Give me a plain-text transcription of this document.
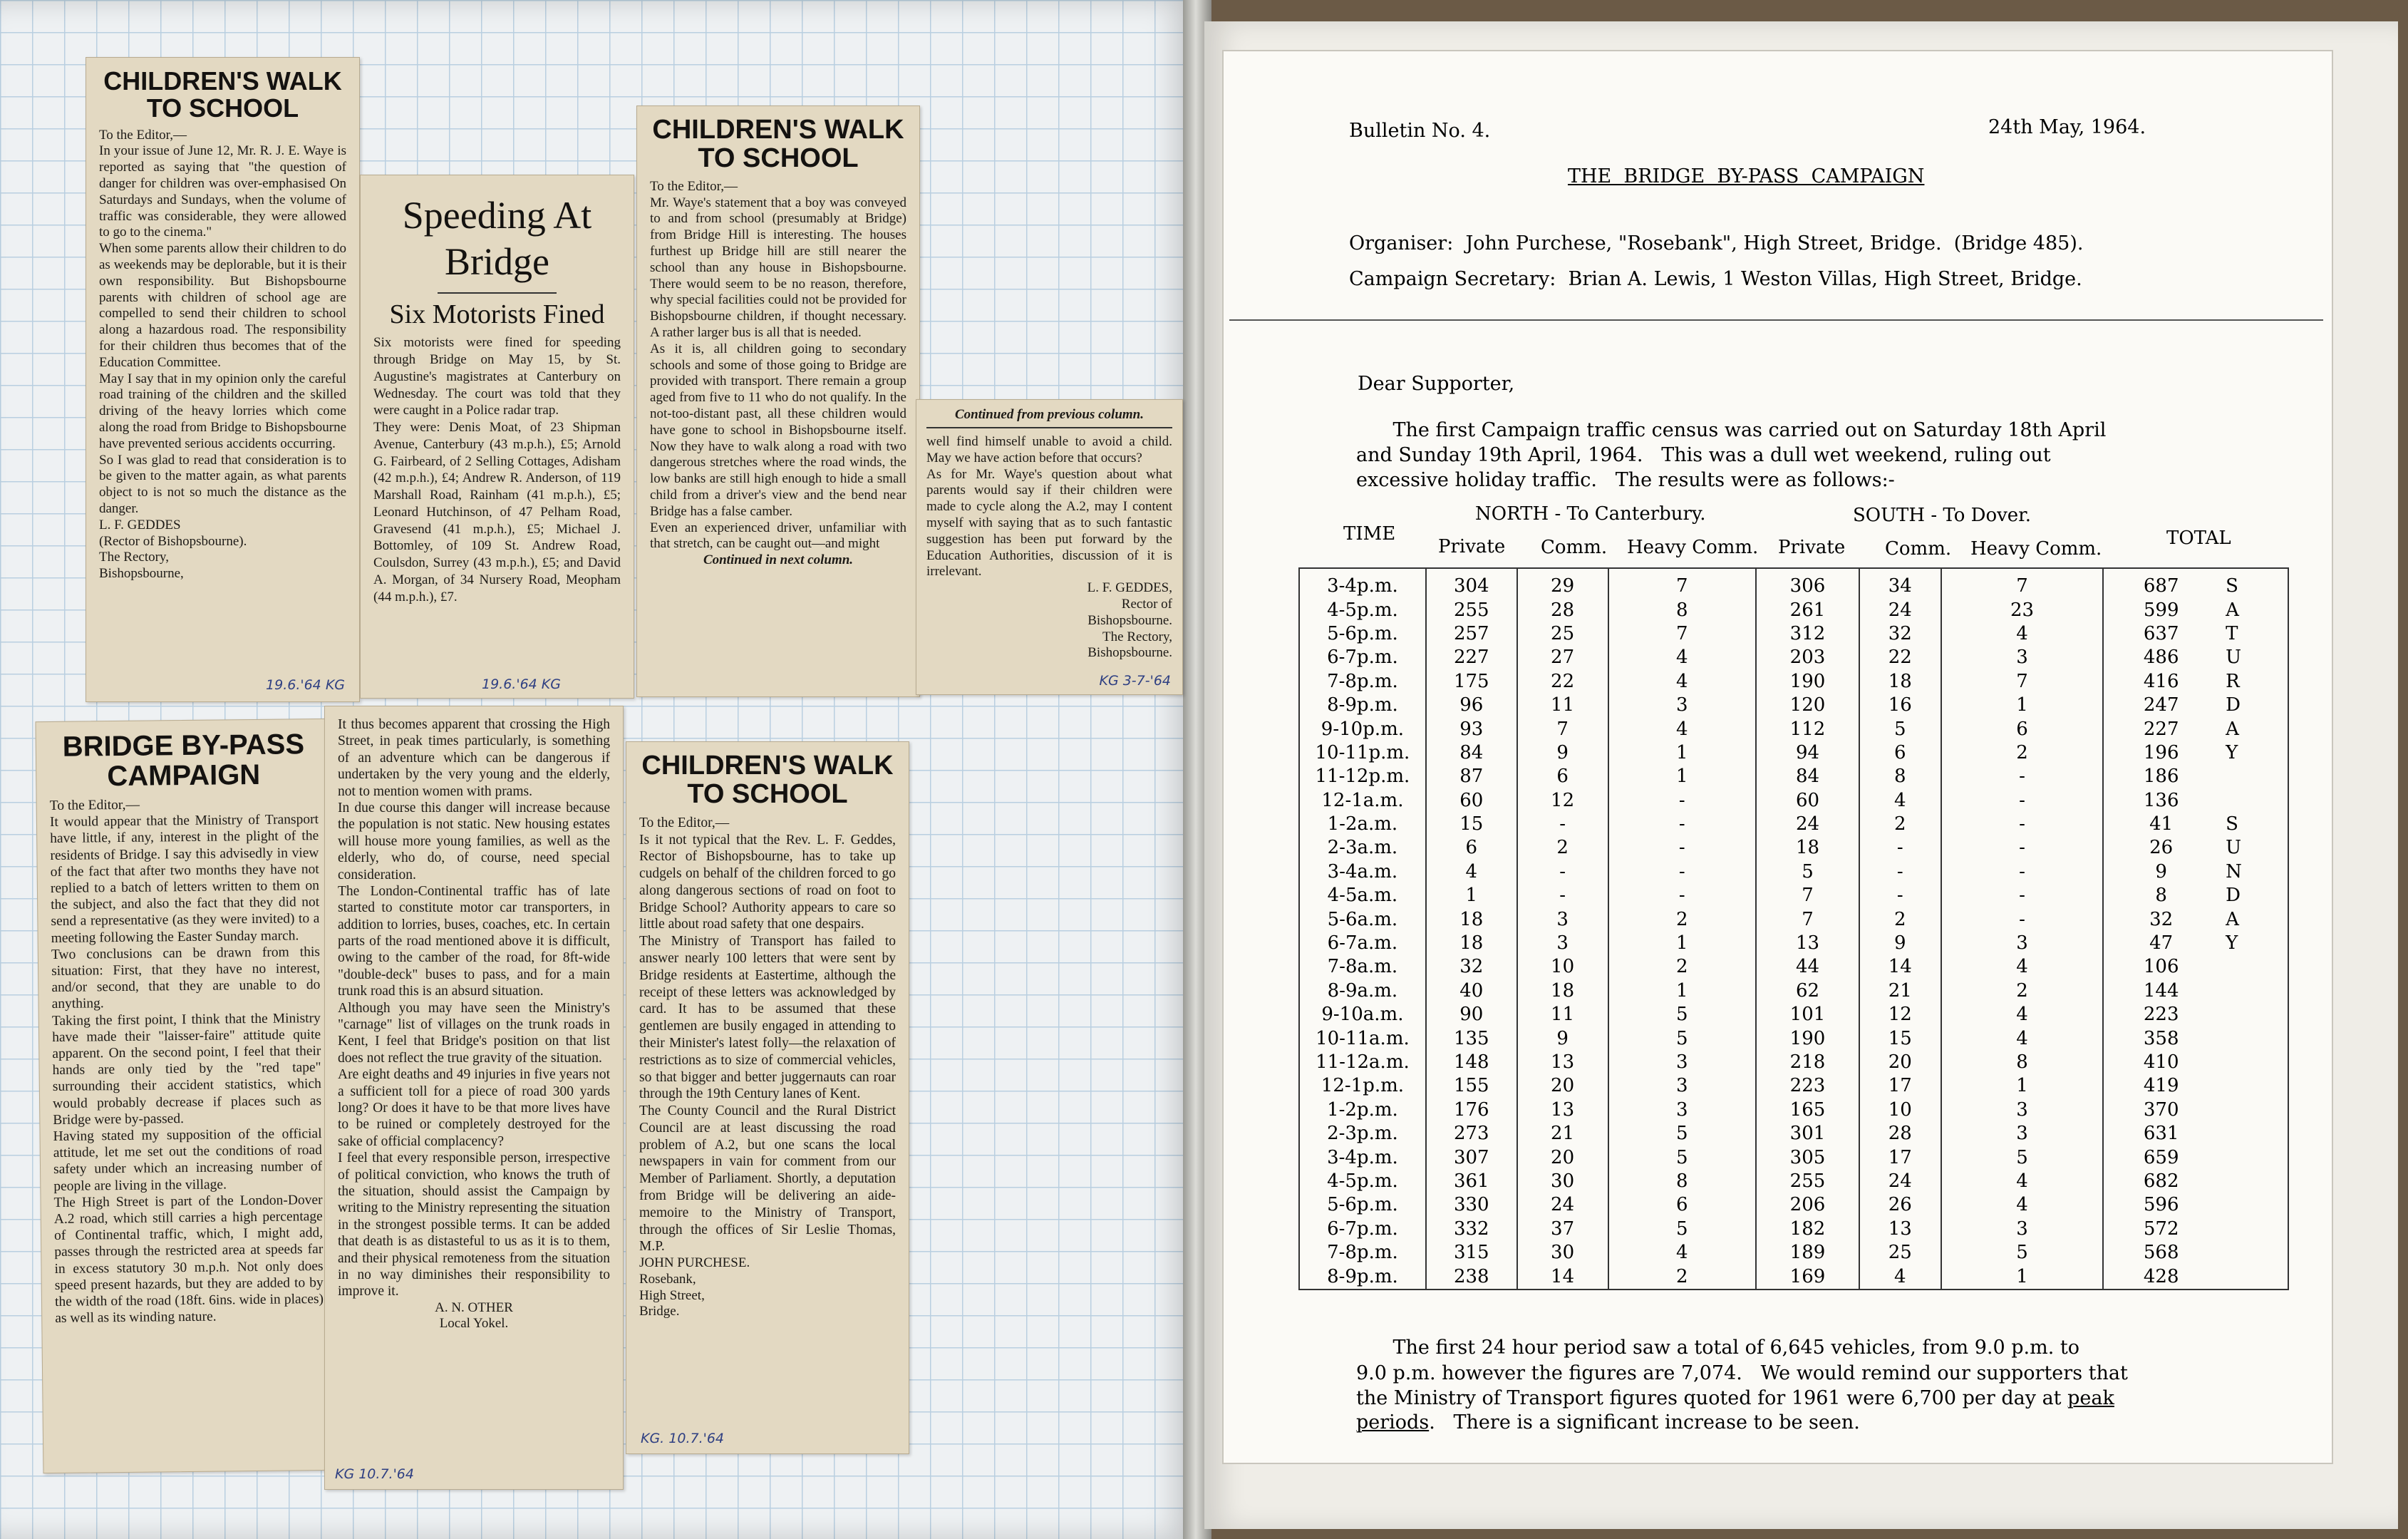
CHILDREN'S WALK TO SCHOOL
To the Editor,—
In your issue of June 12, Mr. R. J. E. Waye is reported as saying that "the question of danger for children was over-emphasised On Saturdays and Sundays, when the volume of traffic was considerable, they were allowed to go to the cinema."
When some parents allow their children to do as weekends may be deplorable, but it is their own responsibility. But Bishopsbourne parents with children of school age are compelled to send their children to school along a hazardous road. The responsibility for their children thus becomes that of the Education Committee.
May I say that in my opinion only the careful road training of the children and the skilled driving of the heavy lorries which come along the road from Bridge to Bishopsbourne have prevented serious accidents occurring.
So I was glad to read that consideration is to be given to the matter again, as what parents object to is not so much the distance as the danger.
L. F. GEDDES
(Rector of Bishopsbourne).
The Rectory,
Bishopsbourne,
19.6.'64 KG
Speeding At Bridge
Six Motorists Fined
Six motorists were fined for speeding through Bridge on May 15, by St. Augustine's magistrates at Canterbury on Wednesday. The court was told that they were caught in a Police radar trap.
They were: Denis Moat, of 23 Shipman Avenue, Canterbury (43 m.p.h.), £5; Arnold G. Fairbeard, of 2 Selling Cottages, Adisham (42 m.p.h.), £4; Andrew R. Anderson, of 119 Marshall Road, Rainham (41 m.p.h.), £5; Leonard Hutchinson, of 47 Pelham Road, Gravesend (41 m.p.h.), £5; Michael J. Bottomley, of 109 St. Andrew Road, Coulsdon, Surrey (43 m.p.h.), £5; and David A. Morgan, of 34 Nursery Road, Meopham (44 m.p.h.), £7.
19.6.'64 KG
CHILDREN'S WALK TO SCHOOL
To the Editor,—
Mr. Waye's statement that a boy was conveyed to and from school (presumably at Bridge) from Bridge Hill is interesting. The houses furthest up Bridge hill are still nearer the school than any house in Bishopsbourne. There would seem to be no reason, therefore, why special facilities could not be provided for Bishopsbourne children, if thought necessary. A rather larger bus is all that is needed.
As it is, all children going to secondary schools and some of those going to Bridge are provided with transport. There remain a group aged from five to 11 who do not qualify. In the not-too-distant past, all these children would have gone to school in Bishopsbourne itself. Now they have to walk along a road with two dangerous stretches where the road winds, the low banks are still high enough to hide a small child from a driver's view and the bend near Bridge has a false camber.
Even an experienced driver, unfamiliar with that stretch, can be caught out—and might
Continued in next column.
Continued from previous column.
well find himself unable to avoid a child. May we have action before that occurs?
As for Mr. Waye's question about what parents would say if their children were made to cycle along the A.2, may I content myself with saying that as to such fantastic suggestion has been put forward by the Education Authorities, discussion of it is irrelevant.
L. F. GEDDES,
Rector of
Bishopsbourne.
The Rectory,
Bishopsbourne.
KG 3-7-'64
BRIDGE BY-PASS CAMPAIGN
To the Editor,—
It would appear that the Ministry of Transport have little, if any, interest in the plight of the residents of Bridge. I say this advisedly in view of the fact that after two months they have not replied to a batch of letters written to them on the subject, and also the fact that they did not send a representative (as they were invited) to a meeting following the Easter Sunday march.
Two conclusions can be drawn from this situation: First, that they have no interest, and/or second, that they are unable to do anything.
Taking the first point, I think that the Ministry have made their "laisser-faire" attitude quite apparent. On the second point, I feel that their hands are only tied by the "red tape" surrounding their accident statistics, which would probably decrease if places such as Bridge were by-passed.
Having stated my supposition of the official attitude, let me set out the conditions of road safety under which an increasing number of people are living in the village.
The High Street is part of the London-Dover A.2 road, which still carries a high percentage of Continental traffic, which, I might add, passes through the restricted area at speeds far in excess statutory 30 m.p.h. Not only does speed present hazards, but they are added to by the width of the road (18ft. 6ins. wide in places) as well as its winding nature.
It thus becomes apparent that crossing the High Street, in peak times particularly, is something of an adventure which can be dangerous if undertaken by the very young and the elderly, not to mention women with prams.
In due course this danger will increase because the population is not static. New housing estates will house more young families, as well as the elderly, who do, of course, need special consideration.
The London-Continental traffic has of late started to constitute motor car transporters, in addition to lorries, buses, coaches, etc. In certain parts of the road mentioned above it is difficult, owing to the camber of the road, for 8ft-wide "double-deck" buses to pass, and for a main trunk road this is an absurd situation.
Although you may have seen the Ministry's "carnage" list of villages on the trunk roads in Kent, I feel that Bridge's position on that list does not reflect the true gravity of the situation.
Are eight deaths and 49 injuries in five years not a sufficient toll for a piece of road 300 yards long? Or does it have to be that more lives have to be ruined or completely destroyed for the sake of official complacency?
I feel that every responsible person, irrespective of political conviction, who knows the truth of the situation, should assist the Campaign by writing to the Ministry representing the situation in the strongest possible terms. It can be added that death is as distasteful to us as it is to them, and their physical remoteness from the situation in no way diminishes their responsibility to improve it.
A. N. OTHER
Local Yokel.
KG 10.7.'64
CHILDREN'S WALK TO SCHOOL
To the Editor,—
Is it not typical that the Rev. L. F. Geddes, Rector of Bishopsbourne, has to take up cudgels on behalf of the children forced to go along dangerous sections of road on foot to Bridge School? Authority appears to care so little about road safety that one despairs.
The Ministry of Transport has failed to answer nearly 100 letters that were sent by Bridge residents at Eastertime, although the receipt of these letters was acknowledged by card. It has to be assumed that these gentlemen are busily engaged in attending to their Minister's latest folly—the relaxation of restrictions as to size of commercial vehicles, so that bigger and better juggernauts can roar through the 19th Century lanes of Kent.
The County Council and the Rural District Council are at least discussing the road problem of A.2, but one scans the local newspapers in vain for comment from our Member of Parliament. Shortly, a deputation from Bridge will be delivering an aide-memoire to the Ministry of Transport, through the offices of Sir Leslie Thomas, M.P.
JOHN PURCHESE.
Rosebank,
High Street,
Bridge.
KG. 10.7.'64
Bulletin No. 4.	24th May, 1964.
THE  BRIDGE  BY-PASS  CAMPAIGN
Organiser:  John Purchese, "Rosebank", High Street, Bridge.  (Bridge 485).
Campaign Secretary:  Brian A. Lewis, 1 Weston Villas, High Street, Bridge.
Dear Supporter,
The first Campaign traffic census was carried out on Saturday 18th April
and Sunday 19th April, 1964.   This was a dull wet weekend, ruling out
excessive holiday traffic.   The results were as follows:-
NORTH - To Canterbury.	SOUTH - To Dover.
TIME	TOTAL
Private Comm. Heavy Comm. Private Comm. Heavy Comm.
3-4p.m.	304	29	7	306	34	7	687	S
4-5p.m.	255	28	8	261	24	23	599	A
5-6p.m.	257	25	7	312	32	4	637	T
6-7p.m.	227	27	4	203	22	3	486	U
7-8p.m.	175	22	4	190	18	7	416	R
8-9p.m.	96	11	3	120	16	1	247	D
9-10p.m.	93	7	4	112	5	6	227	A
10-11p.m.	84	9	1	94	6	2	196	Y
11-12p.m.	87	6	1	84	8	-	186	
12-1a.m.	60	12	-	60	4	-	136	
1-2a.m.	15	-	-	24	2	-	41	S
2-3a.m.	6	2	-	18	-	-	26	U
3-4a.m.	4	-	-	5	-	-	9	N
4-5a.m.	1	-	-	7	-	-	8	D
5-6a.m.	18	3	2	7	2	-	32	A
6-7a.m.	18	3	1	13	9	3	47	Y
7-8a.m.	32	10	2	44	14	4	106	
8-9a.m.	40	18	1	62	21	2	144	
9-10a.m.	90	11	5	101	12	4	223	
10-11a.m.	135	9	5	190	15	4	358	
11-12a.m.	148	13	3	218	20	8	410	
12-1p.m.	155	20	3	223	17	1	419	
1-2p.m.	176	13	3	165	10	3	370	
2-3p.m.	273	21	5	301	28	3	631	
3-4p.m.	307	20	5	305	17	5	659	
4-5p.m.	361	30	8	255	24	4	682	
5-6p.m.	330	24	6	206	26	4	596	
6-7p.m.	332	37	5	182	13	3	572	
7-8p.m.	315	30	4	189	25	5	568	
8-9p.m.	238	14	2	169	4	1	428	
The first 24 hour period saw a total of 6,645 vehicles, from 9.0 p.m. to
9.0 p.m. however the figures are 7,074.   We would remind our supporters that
the Ministry of Transport figures quoted for 1961 were 6,700 per day at peak
periods.   There is a significant increase to be seen.
